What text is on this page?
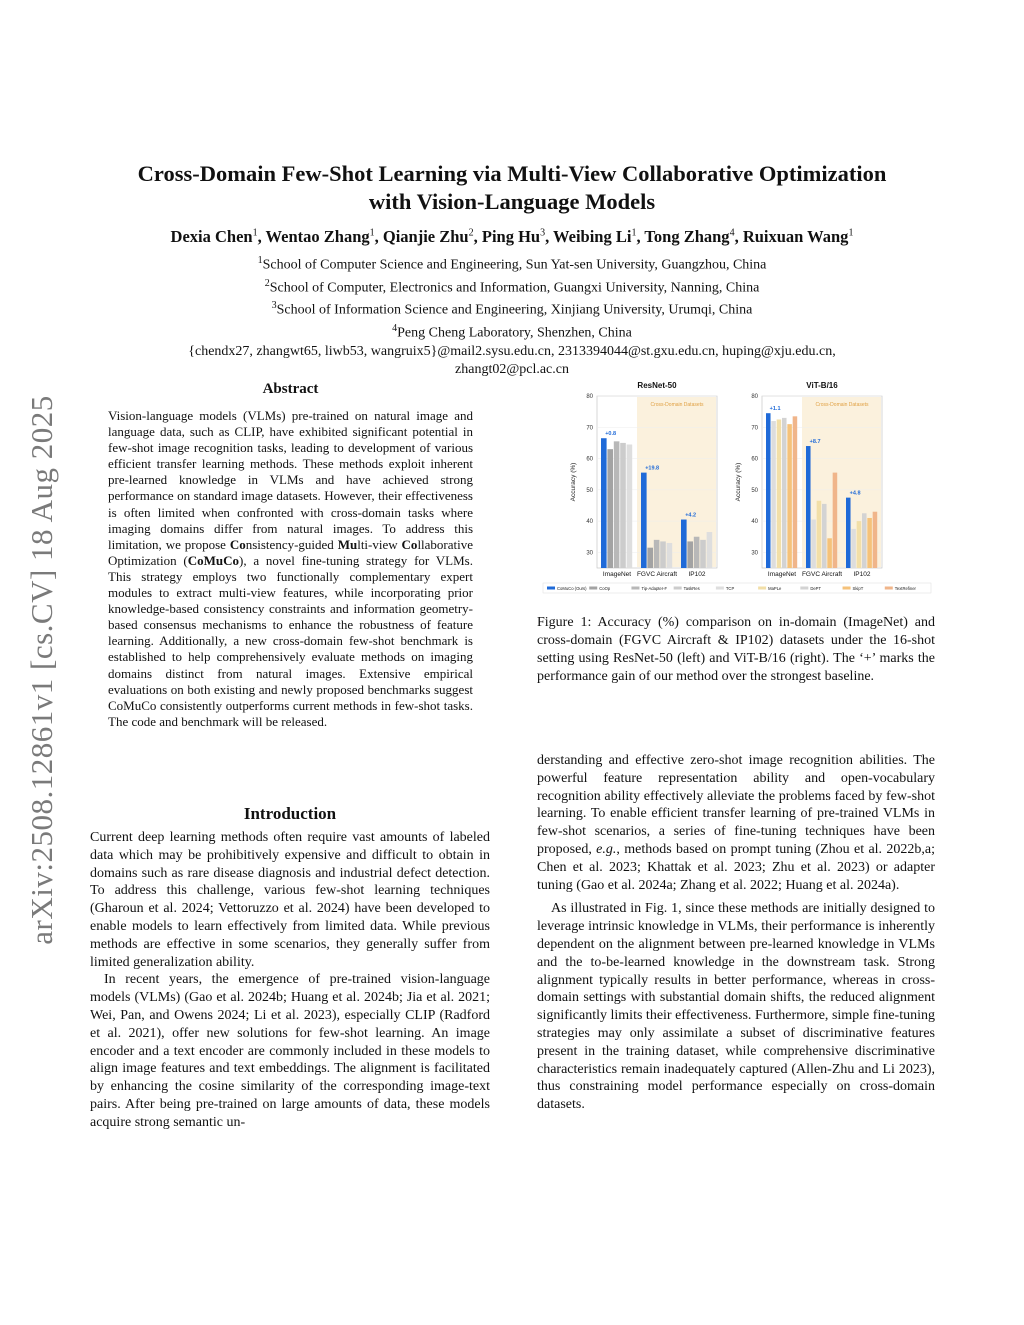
arXiv:2508.12861v1 [cs.CV] 18 Aug 2025
Cross-Domain Few-Shot Learning via Multi-View Collaborative Optimization
with Vision-Language Models
Dexia Chen$^1$, Wentao Zhang$^1$, Qianjie Zhu$^2$, Ping Hu$^3$, Weibing Li$^1$, Tong Zhang$^4$, Ruixuan Wang$^1$
$^1$School of Computer Science and Engineering, Sun Yat-sen University, Guangzhou, China
$^2$School of Computer, Electronics and Information, Guangxi University, Nanning, China
$^3$School of Information Science and Engineering, Xinjiang University, Urumqi, China
$^4$Peng Cheng Laboratory, Shenzhen, China
{chendx27, zhangwt65, liwb53, wangruix5}@mail2.sysu.edu.cn, 2313394044@st.gxu.edu.cn, huping@xju.edu.cn,
zhangt02@pcl.ac.cn
Abstract
Vision-language models (VLMs) pre-trained on natural image and language data, such as CLIP, have exhibited significant potential in few-shot image recognition tasks, leading to development of various efficient transfer learning methods. These methods exploit inherent pre-learned knowledge in VLMs and have achieved strong performance on standard image datasets. However, their effectiveness is often limited when confronted with cross-domain tasks where imaging domains differ from natural images. To address this limitation, we propose Consistency-guided Multi-view Collaborative Optimization (CoMuCo), a novel fine-tuning strategy for VLMs. This strategy employs two functionally complementary expert modules to extract multi-view features, while incorporating prior knowledge-based consistency constraints and information geometry-based consensus mechanisms to enhance the robustness of feature learning. Additionally, a new cross-domain few-shot benchmark is established to help comprehensively evaluate methods on imaging domains distinct from natural images. Extensive empirical evaluations on both existing and newly proposed benchmarks suggest CoMuCo consistently outperforms current methods in few-shot tasks. The code and benchmark will be released.
Introduction

Current deep learning methods often require vast amounts of labeled data which may be prohibitively expensive and difficult to obtain in domains such as rare disease diagnosis and industrial defect detection. To address this challenge, various few-shot learning techniques (Gharoun et al. 2024; Vettoruzzo et al. 2024) have been developed to enable models to learn effectively from limited data. While previous methods are effective in some scenarios, they generally suffer from limited generalization ability.

In recent years, the emergence of pre-trained vision-language models (VLMs) (Gao et al. 2024b; Huang et al. 2024b; Jia et al. 2021; Wei, Pan, and Owens 2024; Li et al. 2023), especially CLIP (Radford et al. 2021), offer new solutions for few-shot learning. An image encoder and a text encoder are commonly included in these models to align image features and text embeddings. The alignment is facilitated by enhancing the cosine similarity of the corresponding image-text pairs. After being pre-trained on large amounts of data, these models acquire strong semantic un-

ResNet-50
Cross-Domain Datasets
30
40
50
60
70
80
Accuracy (%)
+0.8
ImageNet
+19.8
FGVC Aircraft
+4.2
IP102
ViT-B/16
Cross-Domain Datasets
30
40
50
60
70
80
Accuracy (%)
+1.1
ImageNet
+8.7
FGVC Aircraft
+4.8
IP102
CoMuCo (Ours)	CoOp	Tip-Adapter-F	TaskRes	TCP	MaPLe	DePT	SkipT	TextRefiner
Figure 1: Accuracy (%) comparison on in-domain (ImageNet) and cross-domain (FGVC Aircraft & IP102) datasets under the 16-shot setting using ResNet-50 (left) and ViT-B/16 (right). The ‘+’ marks the performance gain of our method over the strongest baseline.

derstanding and effective zero-shot image recognition abilities. The powerful feature representation ability and open-vocabulary recognition ability effectively alleviate the problems faced by few-shot learning. To enable efficient transfer learning of pre-trained VLMs in few-shot scenarios, a series of fine-tuning techniques have been proposed, e.g., methods based on prompt tuning (Zhou et al. 2022b,a; Chen et al. 2023; Khattak et al. 2023; Zhu et al. 2023) or adapter tuning (Gao et al. 2024a; Zhang et al. 2022; Huang et al. 2024a).

As illustrated in Fig. 1, since these methods are initially designed to leverage intrinsic knowledge in VLMs, their performance is inherently dependent on the alignment between pre-learned knowledge in VLMs and the to-be-learned knowledge in the downstream task. Strong alignment typically results in better performance, whereas in cross-domain settings with substantial domain shifts, the reduced alignment significantly limits their effectiveness. Furthermore, simple fine-tuning strategies may only assimilate a subset of discriminative features present in the training dataset, while comprehensive discriminative characteristics remain inadequately captured (Allen-Zhu and Li 2023), thus constraining model performance especially on cross-domain datasets.
